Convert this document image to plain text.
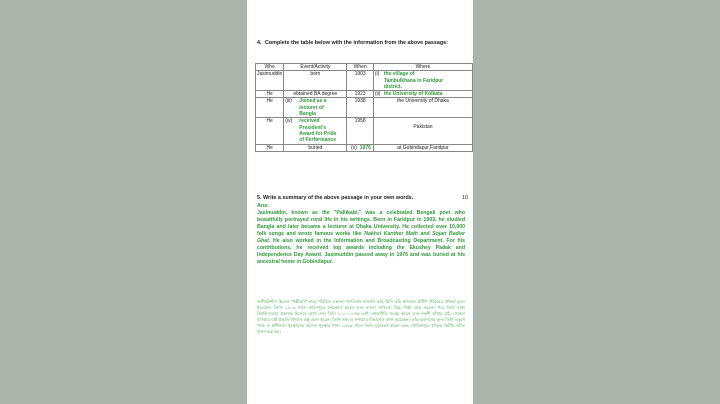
4. Complete the table below with the information from the above passage:
Who	Event/Activity	When	Where
Jasimuddin	born	1903	(i) the village of Tambulkhana in Faridpur district.

He	obtained BA degree	1923	(ii) the University of Kolkata

He	(iii) Joined as a lecturer of Bangla	1938	the University of Dhaka
He	(iv) received President's Award for Pride of Performance	1958	Pakistan
He	buried	(v) 1976	at Gobindapur,Faridpur
5. Write a summary of the above passage in your own words.	10
Ans:
Jasimuddin, known as the "Pallikabi," was a celebrated Bengali poet who beautifully portrayed rural life in his writings. Born in Faridpur in 1903, he studied Bangla and later became a lecturer at Dhaka University. He collected over 10,000 folk songs and wrote famous works like Nakhsi Kanther Math and Sojan Badiar Ghat. He also worked in the Information and Broadcasting Department. For his contributions, he received top awards including the Ekushey Padak and Independence Day Award. Jasimuddin passed away in 1976 and was buried at his ancestral home in Gobindapur.
জসীমউদ্দীন ছিলেন "পল্লীকবি" নামে পরিচিত একজন খ্যাতিমান বাঙালি কবি, যিনি তাঁর কবিতায় গ্রামীণ জীবনের সৌন্দর্য তুলে ধরেছেন। তিনি ১৯০৩ সালে ফরিদপুরে জন্মগ্রহণ করেন এবং বাংলা সাহিত্যে উচ্চ শিক্ষা লাভ করেন। পরে তিনি ঢাকা বিশ্ববিদ্যালয়ে প্রভাষক হিসেবে যোগ দেন। তিনি ১০,০০০-এর বেশি লোকগীতি সংগ্রহ করেন এবং নকশী কাঁথার মাঠ, সোজন বাদিয়ার ঘাট প্রভৃতি বিখ্যাত গ্রন্থ রচনা করেন। তিনি তথ্য ও সম্প্রচার বিভাগেও কাজ করেছেন। তাঁর অবদানের জন্য তিনি একুশে পদক ও স্বাধীনতা পুরস্কারসহ অনেক পুরস্কার পান। ১৯৭৬ সালে তিনি মৃত্যুবরণ করেন এবং গোবিন্দপুরে পৈতৃক ভিটায় তাঁকে দাফন করা হয়।
